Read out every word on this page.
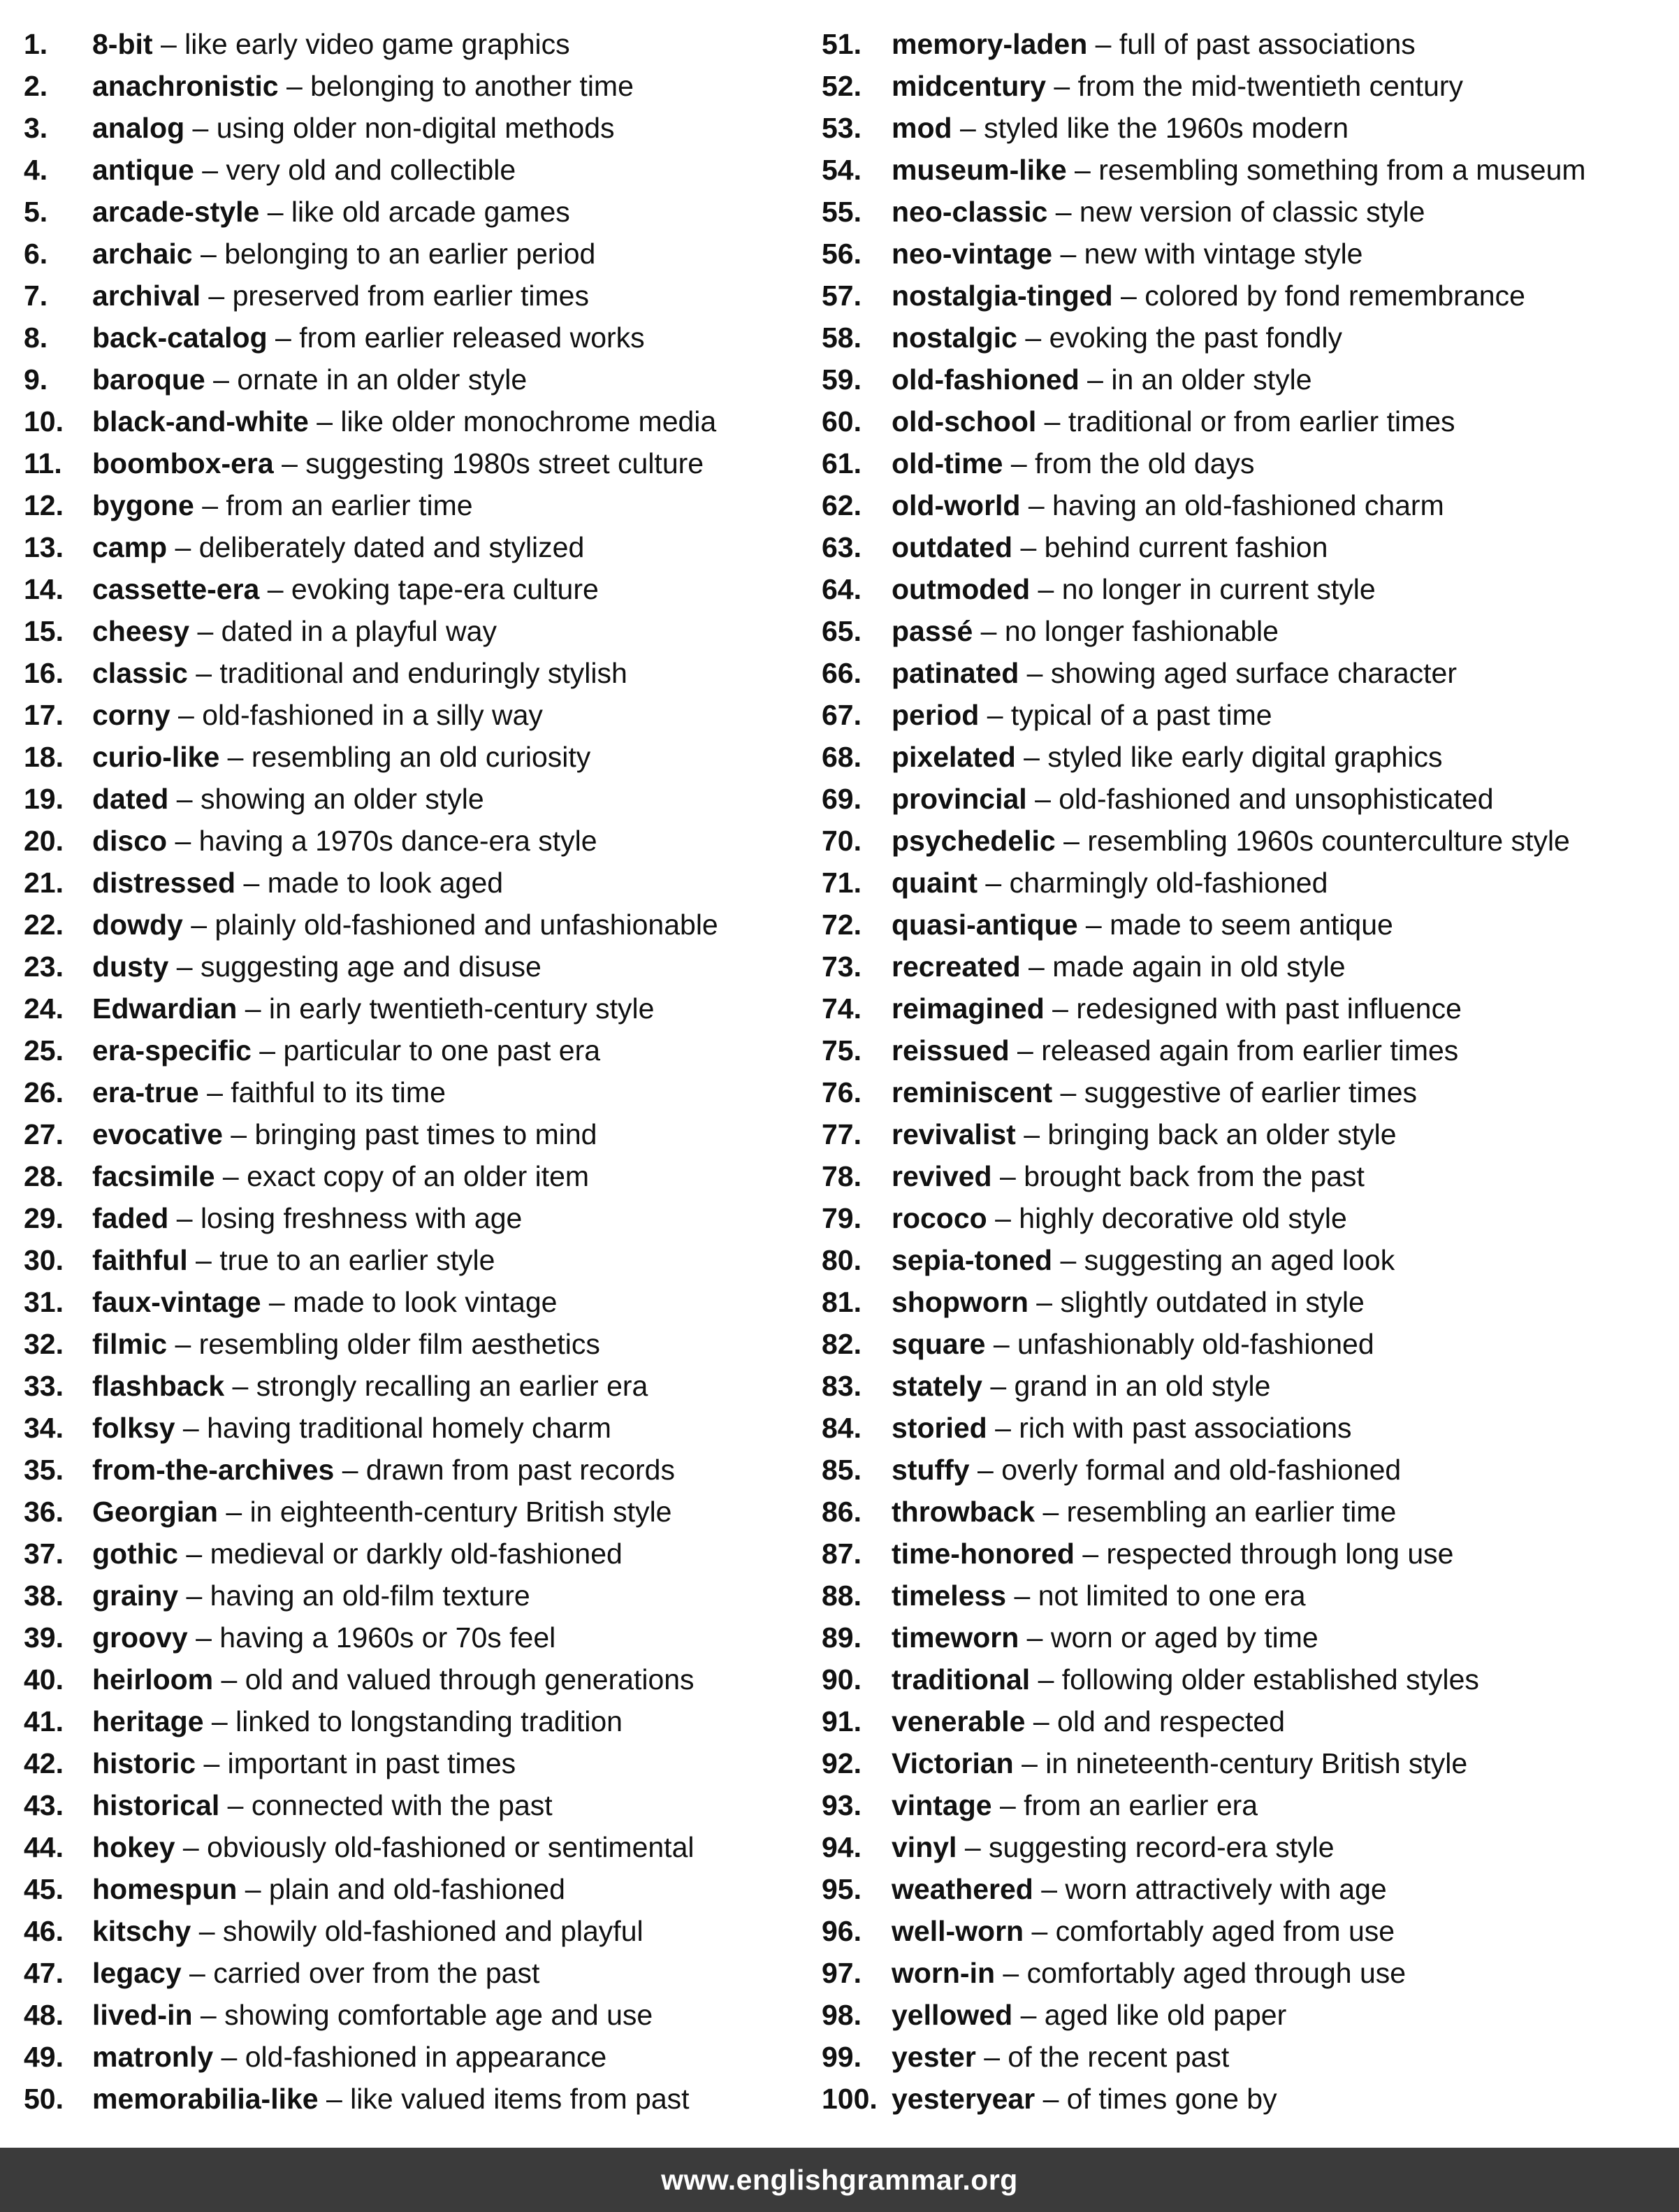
1. 8-bit – like early video game graphics
2. anachronistic – belonging to another time
3. analog – using older non-digital methods
4. antique – very old and collectible
5. arcade-style – like old arcade games
6. archaic – belonging to an earlier period
7. archival – preserved from earlier times
8. back-catalog – from earlier released works
9. baroque – ornate in an older style
10. black-and-white – like older monochrome media
11. boombox-era – suggesting 1980s street culture
12. bygone – from an earlier time
13. camp – deliberately dated and stylized
14. cassette-era – evoking tape-era culture
15. cheesy – dated in a playful way
16. classic – traditional and enduringly stylish
17. corny – old-fashioned in a silly way
18. curio-like – resembling an old curiosity
19. dated – showing an older style
20. disco – having a 1970s dance-era style
21. distressed – made to look aged
22. dowdy – plainly old-fashioned and unfashionable
23. dusty – suggesting age and disuse
24. Edwardian – in early twentieth-century style
25. era-specific – particular to one past era
26. era-true – faithful to its time
27. evocative – bringing past times to mind
28. facsimile – exact copy of an older item
29. faded – losing freshness with age
30. faithful – true to an earlier style
31. faux-vintage – made to look vintage
32. filmic – resembling older film aesthetics
33. flashback – strongly recalling an earlier era
34. folksy – having traditional homely charm
35. from-the-archives – drawn from past records
36. Georgian – in eighteenth-century British style
37. gothic – medieval or darkly old-fashioned
38. grainy – having an old-film texture
39. groovy – having a 1960s or 70s feel
40. heirloom – old and valued through generations
41. heritage – linked to longstanding tradition
42. historic – important in past times
43. historical – connected with the past
44. hokey – obviously old-fashioned or sentimental
45. homespun – plain and old-fashioned
46. kitschy – showily old-fashioned and playful
47. legacy – carried over from the past
48. lived-in – showing comfortable age and use
49. matronly – old-fashioned in appearance
50. memorabilia-like – like valued items from past
51. memory-laden – full of past associations
52. midcentury – from the mid-twentieth century
53. mod – styled like the 1960s modern
54. museum-like – resembling something from a museum
55. neo-classic – new version of classic style
56. neo-vintage – new with vintage style
57. nostalgia-tinged – colored by fond remembrance
58. nostalgic – evoking the past fondly
59. old-fashioned – in an older style
60. old-school – traditional or from earlier times
61. old-time – from the old days
62. old-world – having an old-fashioned charm
63. outdated – behind current fashion
64. outmoded – no longer in current style
65. passé – no longer fashionable
66. patinated – showing aged surface character
67. period – typical of a past time
68. pixelated – styled like early digital graphics
69. provincial – old-fashioned and unsophisticated
70. psychedelic – resembling 1960s counterculture style
71. quaint – charmingly old-fashioned
72. quasi-antique – made to seem antique
73. recreated – made again in old style
74. reimagined – redesigned with past influence
75. reissued – released again from earlier times
76. reminiscent – suggestive of earlier times
77. revivalist – bringing back an older style
78. revived – brought back from the past
79. rococo – highly decorative old style
80. sepia-toned – suggesting an aged look
81. shopworn – slightly outdated in style
82. square – unfashionably old-fashioned
83. stately – grand in an old style
84. storied – rich with past associations
85. stuffy – overly formal and old-fashioned
86. throwback – resembling an earlier time
87. time-honored – respected through long use
88. timeless – not limited to one era
89. timeworn – worn or aged by time
90. traditional – following older established styles
91. venerable – old and respected
92. Victorian – in nineteenth-century British style
93. vintage – from an earlier era
94. vinyl – suggesting record-era style
95. weathered – worn attractively with age
96. well-worn – comfortably aged from use
97. worn-in – comfortably aged through use
98. yellowed – aged like old paper
99. yester – of the recent past
100. yesteryear – of times gone by
www.englishgrammar.org
